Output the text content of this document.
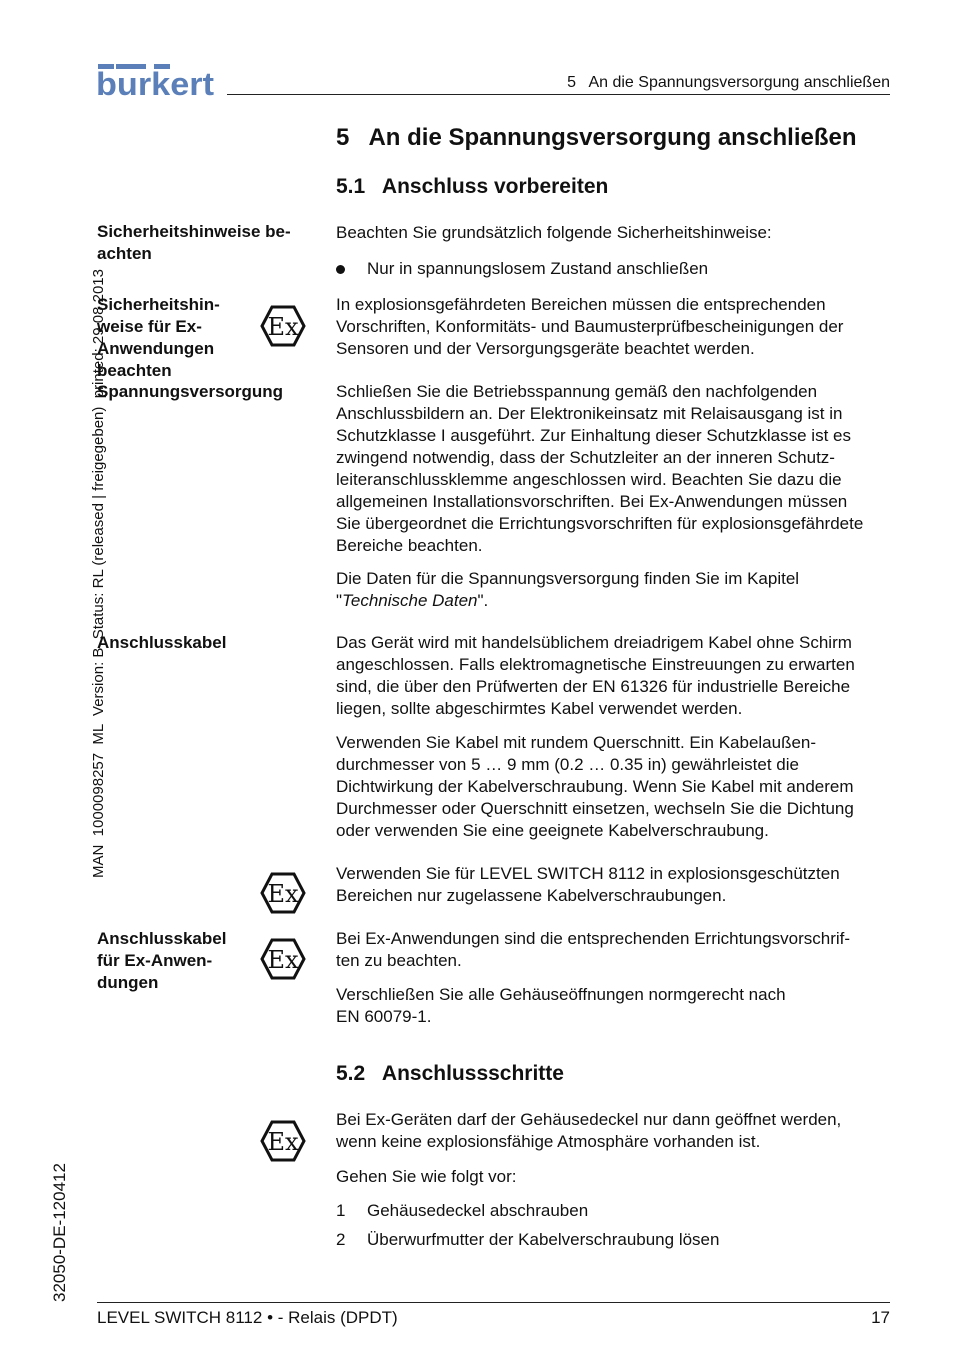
burkert	5   An die Spannungsversorgung anschließen
MAN  1000098257  ML  Version: B  Status: RL (released | freigegeben)  printed: 29.08.2013
32050-DE-120412
5   An die Spannungsversorgung anschließen
5.1   Anschluss vorbereiten
Sicherheitshinweise be-
achten
Sicherheitshin-
weise für Ex-
Anwendungen
beachten
Spannungsversorgung
Anschlusskabel
Anschlusskabel
für Ex-Anwen-
dungen
Ex
Ex
Ex
Ex
Beachten Sie grundsätzlich folgende Sicherheitshinweise:
Nur in spannungslosem Zustand anschließen
In explosionsgefährdeten Bereichen müssen die entsprechenden
Vorschriften, Konformitäts- und Baumusterprüfbescheinigungen der
Sensoren und der Versorgungsgeräte beachtet werden.
Schließen Sie die Betriebsspannung gemäß den nachfolgenden
Anschlussbildern an. Der Elektronikeinsatz mit Relaisausgang ist in
Schutzklasse I ausgeführt. Zur Einhaltung dieser Schutzklasse ist es
zwingend notwendig, dass der Schutzleiter an der inneren Schutz-
leiteranschlussklemme angeschlossen wird. Beachten Sie dazu die
allgemeinen Installationsvorschriften. Bei Ex-Anwendungen müssen
Sie übergeordnet die Errichtungsvorschriften für explosionsgefährdete
Bereiche beachten.
Die Daten für die Spannungsversorgung finden Sie im Kapitel
"Technische Daten".
Das Gerät wird mit handelsüblichem dreiadrigem Kabel ohne Schirm
angeschlossen. Falls elektromagnetische Einstreuungen zu erwarten
sind, die über den Prüfwerten der EN 61326 für industrielle Bereiche
liegen, sollte abgeschirmtes Kabel verwendet werden.
Verwenden Sie Kabel mit rundem Querschnitt. Ein Kabelaußen-
durchmesser von 5 … 9 mm (0.2 … 0.35 in) gewährleistet die
Dichtwirkung der Kabelverschraubung. Wenn Sie Kabel mit anderem
Durchmesser oder Querschnitt einsetzen, wechseln Sie die Dichtung
oder verwenden Sie eine geeignete Kabelverschraubung.
Verwenden Sie für LEVEL SWITCH 8112 in explosionsgeschützten
Bereichen nur zugelassene Kabelverschraubungen.
Bei Ex-Anwendungen sind die entsprechenden Errichtungsvorschrif-
ten zu beachten.
Verschließen Sie alle Gehäuseöffnungen normgerecht nach
EN 60079-1.
5.2   Anschlussschritte
Bei Ex-Geräten darf der Gehäusedeckel nur dann geöffnet werden,
wenn keine explosionsfähige Atmosphäre vorhanden ist.
Gehen Sie wie folgt vor:
1 Gehäusedeckel abschrauben
2 Überwurfmutter der Kabelverschraubung lösen
LEVEL SWITCH 8112 • - Relais (DPDT)	17
